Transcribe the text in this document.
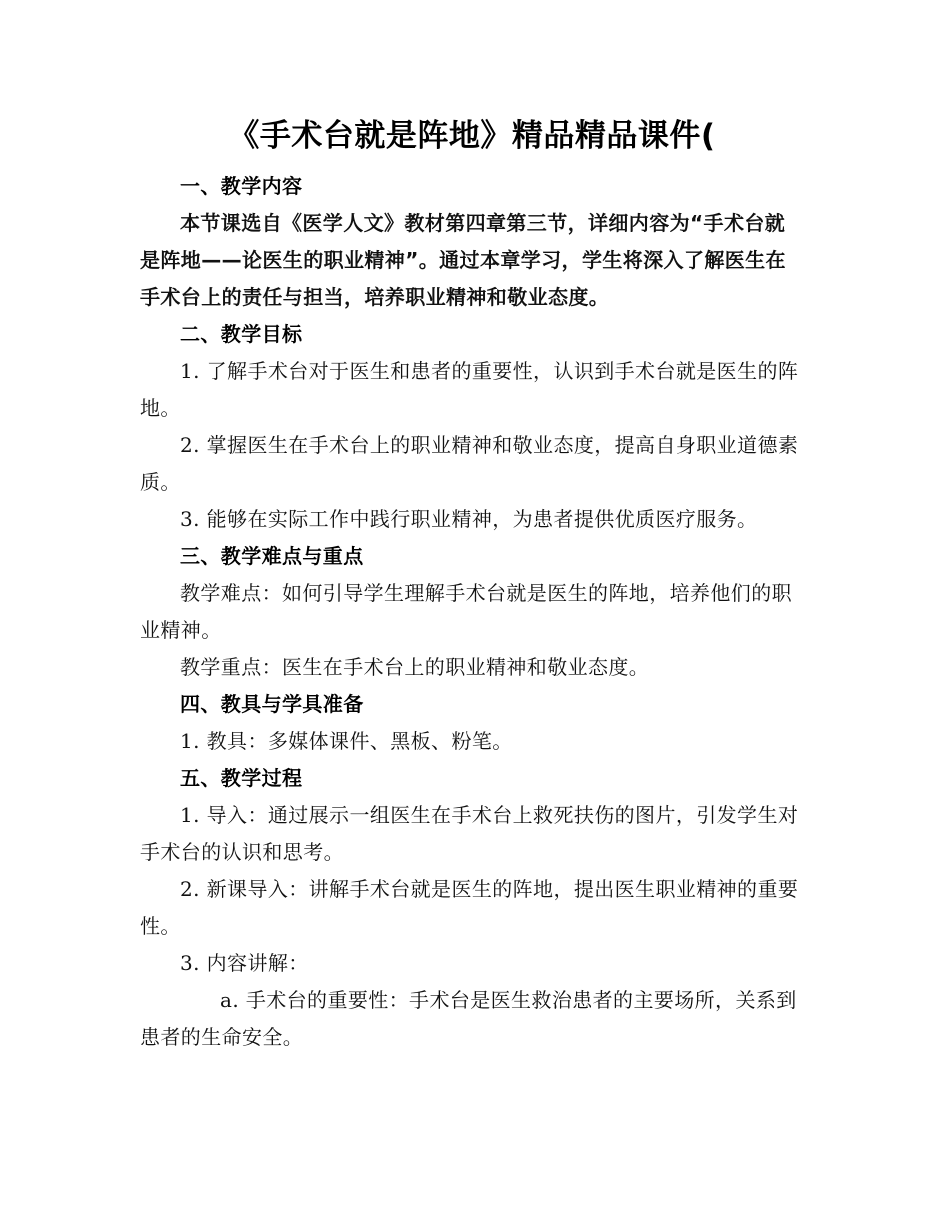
《手术台就是阵地》精品精品课件(
一、教学内容

本节课选自《医学人文》教材第四章第三节，详细内容为“手术台就是阵地——论医生的职业精神”。通过本章学习，学生将深入了解医生在手术台上的责任与担当，培养职业精神和敬业态度。

二、教学目标

1. 了解手术台对于医生和患者的重要性，认识到手术台就是医生的阵地。

2. 掌握医生在手术台上的职业精神和敬业态度，提高自身职业道德素质。

3. 能够在实际工作中践行职业精神，为患者提供优质医疗服务。

三、教学难点与重点

教学难点：如何引导学生理解手术台就是医生的阵地，培养他们的职业精神。

教学重点：医生在手术台上的职业精神和敬业态度。

四、教具与学具准备

1. 教具：多媒体课件、黑板、粉笔。

五、教学过程

1. 导入：通过展示一组医生在手术台上救死扶伤的图片，引发学生对手术台的认识和思考。

2. 新课导入：讲解手术台就是医生的阵地，提出医生职业精神的重要性。

3. 内容讲解：

a. 手术台的重要性：手术台是医生救治患者的主要场所，关系到患者的生命安全。
